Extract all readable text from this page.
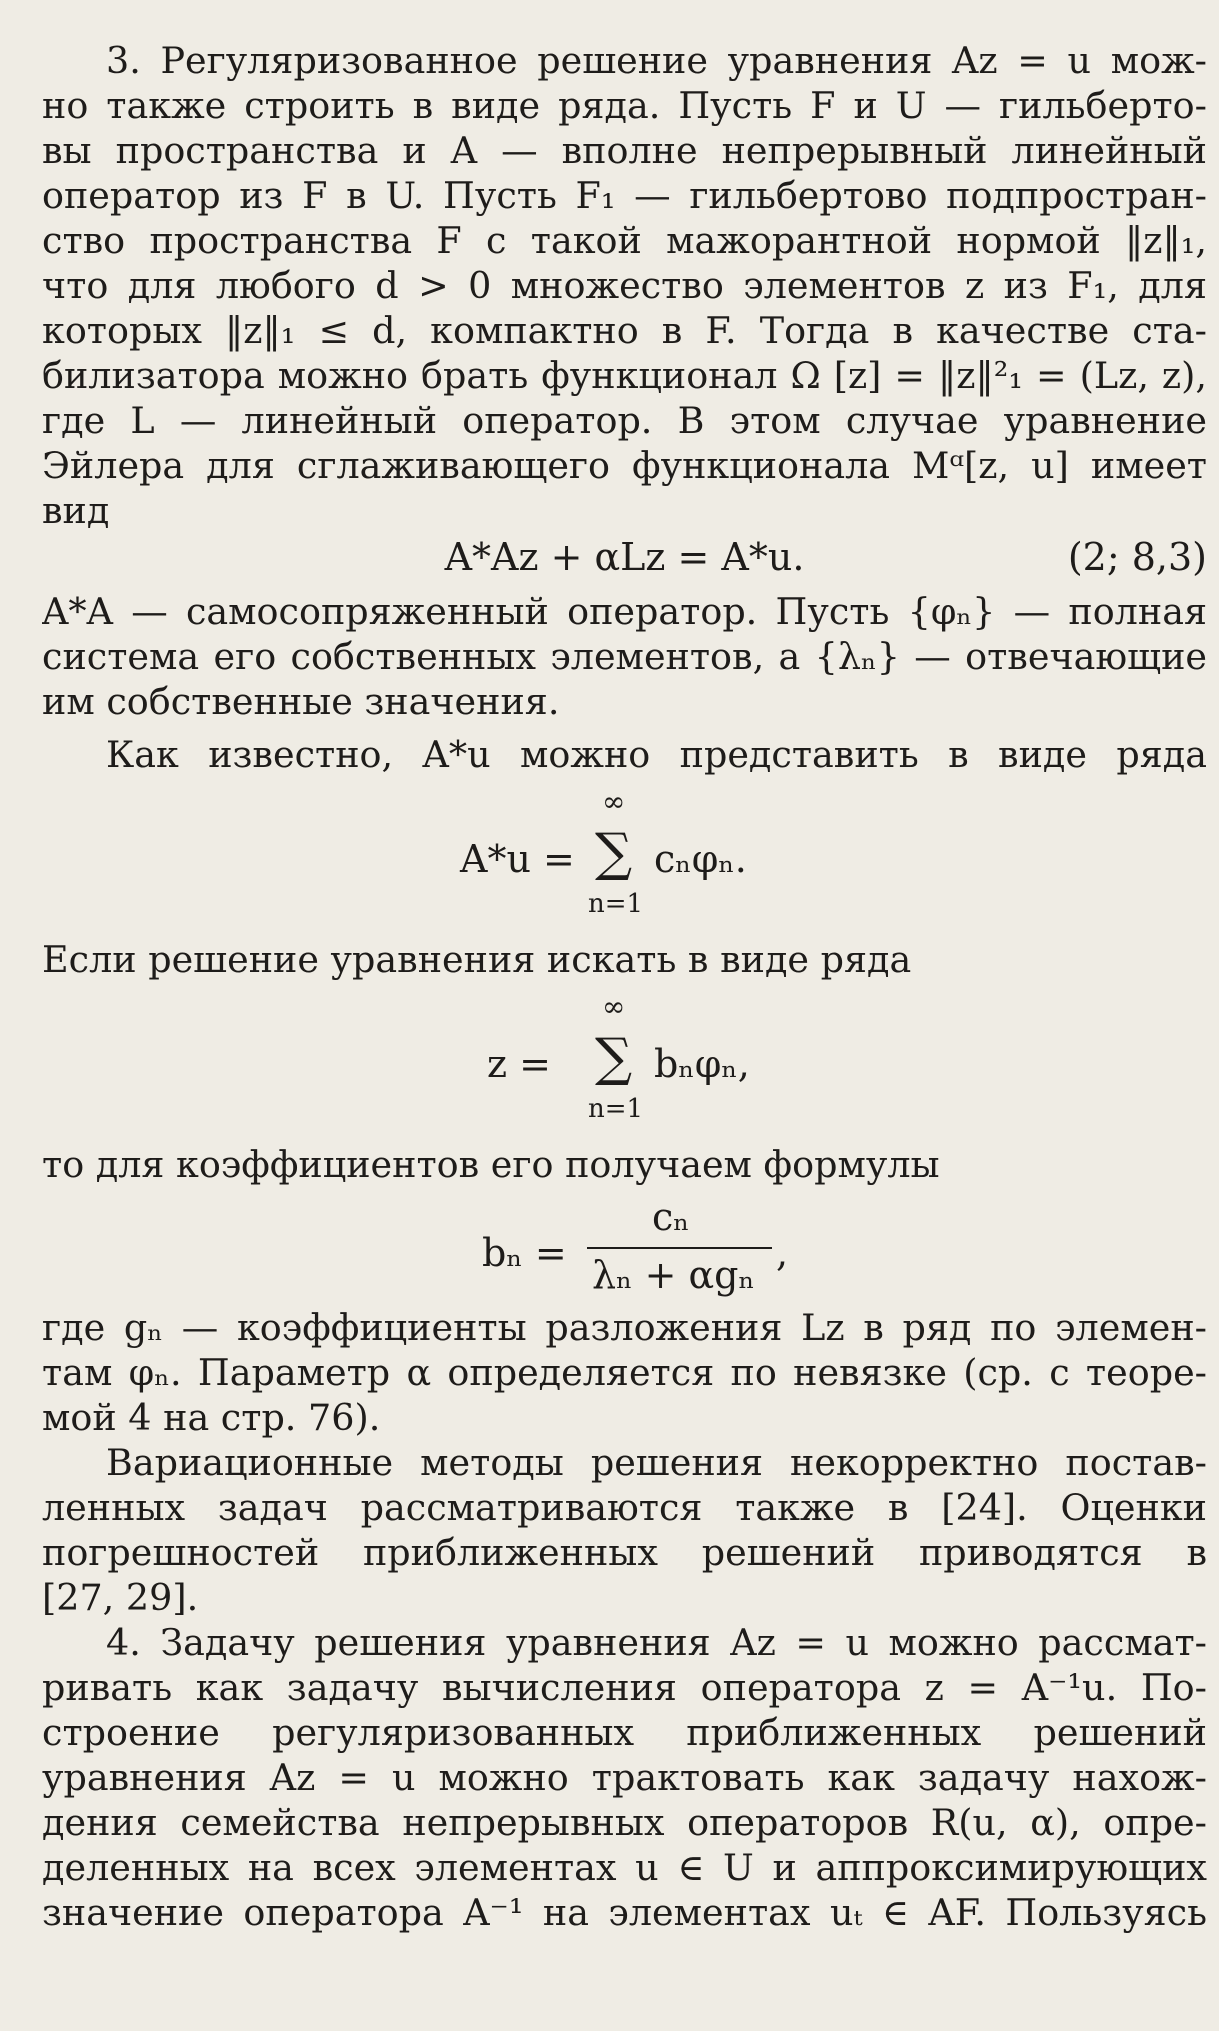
3. Регуляризованное решение уравнения Az = u мож-
но также строить в виде ряда. Пусть F и U — гильберто-
вы пространства и A — вполне непрерывный линейный
оператор из F в U. Пусть F₁ — гильбертово подпростран-
ство пространства F с такой мажорантной нормой ‖z‖₁,
что для любого d > 0 множество элементов z из F₁, для
которых ‖z‖₁ ≤ d, компактно в F. Тогда в качестве ста-
билизатора можно брать функционал Ω [z] = ‖z‖²₁ = (Lz, z),
где L — линейный оператор. В этом случае уравнение
Эйлера для сглаживающего функционала Mᵅ[z, u] имеет
вид
A*Az + αLz = A*u.	(2; 8,3)
A*A — самосопряженный оператор. Пусть {φₙ} — полная
система его собственных элементов, а {λₙ} — отвечающие
им собственные значения.
Как известно, A*u можно представить в виде ряда
A*u =
∞
∑
n=1
cₙφₙ.
Если решение уравнения искать в виде ряда
z =
∞
∑
n=1
bₙφₙ,
то для коэффициентов его получаем формулы
bₙ =
cₙ
λₙ + αgₙ ,
где gₙ — коэффициенты разложения Lz в ряд по элемен-
там φₙ. Параметр α определяется по невязке (ср. с теоре-
мой 4 на стр. 76).
Вариационные методы решения некорректно постав-
ленных задач рассматриваются также в [24]. Оценки
погрешностей приближенных решений приводятся в
[27, 29].
4. Задачу решения уравнения Az = u можно рассмат-
ривать как задачу вычисления оператора z = A⁻¹u. По-
строение регуляризованных приближенных решений
уравнения Az = u можно трактовать как задачу нахож-
дения семейства непрерывных операторов R(u, α), опре-
деленных на всех элементах u ∈ U и аппроксимирующих
значение оператора A⁻¹ на элементах uₜ ∈ AF. Пользуясь
